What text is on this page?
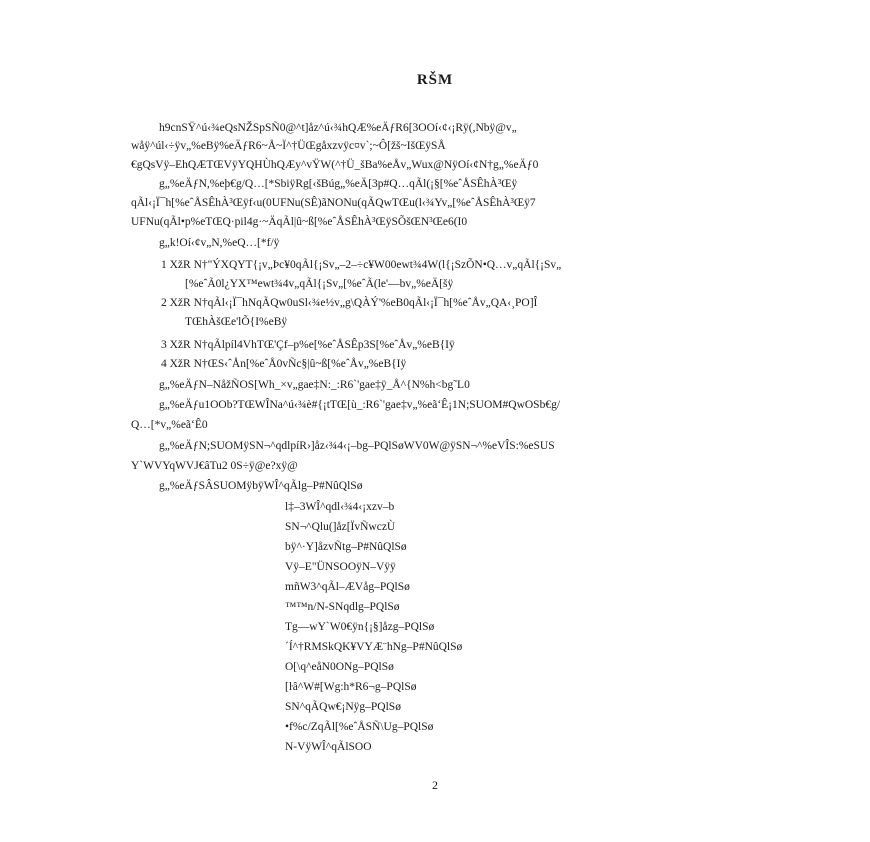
RŠM
h9cnSŸ^ú‹¾eQsNŽSpSÑ0@^t]åz^ú‹¾hQÆ%eÄƒR6[3OOí‹¢‹¡Rÿ(,Nbÿ@v„
wåÿ^úl‹÷ÿv„%eBÿ%eÄƒR6~Å~Ï^†ÜŒgåxzvÿc¤v`;~Ô[žš~IšŒÿSÅ
€gQsVÿ–EhQÆTŒVÿYQHÙhQÆy^vŸW(^†Ü_šBa%eÅv„Wux@NÿOí‹¢N†g„%eÄƒ0
g„%eÄƒN,%eþ€g/Q…[*SbiÿRg[‹šBúg„%eÄ[3p#Q…qÃl(¡§[%eˆÅSÊhÀ³Œÿ
qÃl‹¡Ï¯h[%eˆÅSÊhÀ³Œÿf‹u(0UFNu(SÊ)ãNONu(qÃQwTŒu(l‹¾Yv„[%eˆÅSÊhÀ³Œÿ7
UFNu(qÃl•p%eTŒQ·pil4g·~ÄqÃl|û~ß[%eˆÅSÊhÀ³ŒÿSÕšŒN³Œe6(I0
g„k!Oí‹¢v„N,%eQ…[*f/ÿ
1 XžR N†"ÝXQYT{¡v„Þc¥0qÃl{¡Sv„–2–÷c¥W00ewt¾4W(l{¡SzÕN•Q…v„qÃl{¡Sv„
[%eˆÃ0l¿YX™ewt¾4v„qÃl{¡Sv„[%eˆÃ(le'—bv„%eÄ[šÿ
2 XžR N†qÃl‹¡Ï¯hNqÃQw0uSl‹¾e½v„g\QÀÝ'%eB0qÃl‹¡Ï¯h[%eˆÅv„QA‹¸PO]Î
TŒhÀšŒe'lÕ{I%eBÿ
3 XžR N†qÃlpíl4VhTŒ'Çf–p%e[%eˆÅSÊp3S[%eˆÅv„%eB{Iÿ
4 XžR N†ŒS‹ˆÅn[%eˆÅ0vÑc§|û~ß[%eˆÅv„%eB{Iÿ
g„%eÄƒN–NåžÑOS[Wh_×v„gae‡N:_:R6`'gae‡ÿ_Å^{N%h<bg˜L0
g„%eÄƒu1OOb?TŒWÎNa^ú‹¾è#{¡tTŒ[ù_:R6`'gae‡v„%eã‘Ê¡1N;SUOM#QwOSb€g/
Q…[*v„%eã‘Ê0
g„%eÄƒN;SUOMÿSN¬^qdlpíR›]åz‹¾4‹¡–bg–PQlSøWV0W@ÿSN¬^%eVÎS:%eSUS
Y`WVYqWVJ€âTu2 0S÷ÿ@e?xÿ@
g„%eÄƒSÂSUOMÿbÿWÎ^qÃlg–P#NûQlSø
l‡–3WÎ^qdl‹¾4‹¡xzv–b
SN¬^Qlu(]åz[ÏvÑwczÙ
bÿ^·Y]åzvÑtg–P#NûQlSø
Vÿ–E"ÜNSOOÿN–Vÿÿ
mñW3^qÃl–ÆVåg–PQlSø
™™n/N-SNqdlg–PQlSø
Tg—wY`W0€ÿn{¡§]åzg–PQlSø
´Í^†RMSkQK¥VYÆ¨hNg–P#NûQlSø
O[\q^eåN0ONg–PQlSø
[ŀâ^W#[Wg:h*R6¬g–PQlSø
SN^qÃQw€¡Nÿg–PQlSø
•f%c/ZqÃl[%eˆÅSÑ\Ug–PQlSø
N-VÿWÎ^qÃlSOO
2
